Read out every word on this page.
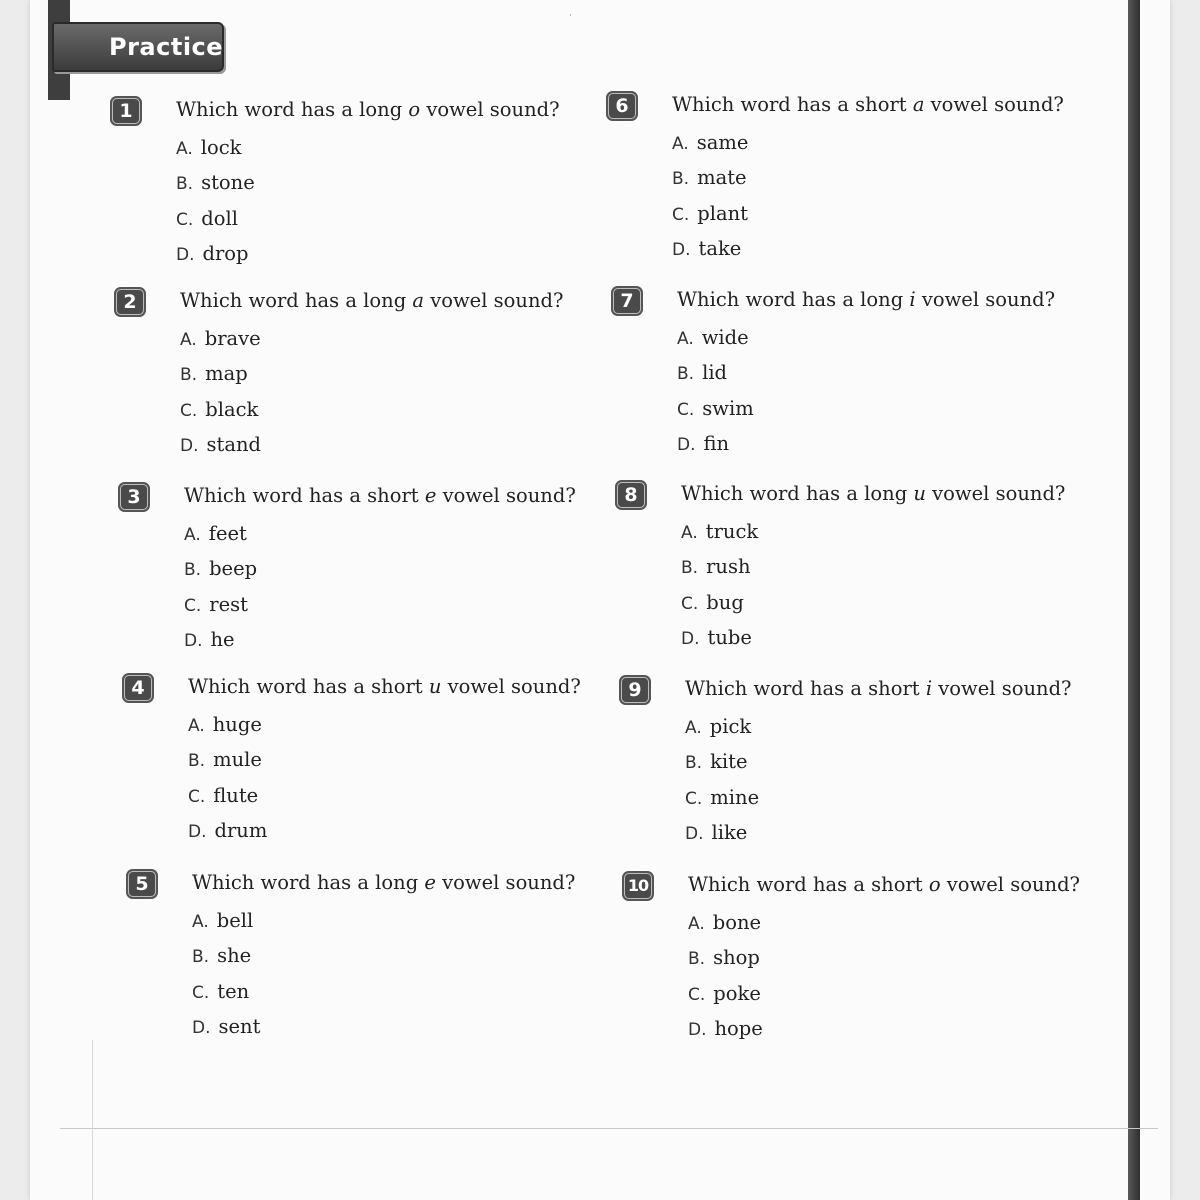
Practice
˙
1	Which word has a long o vowel sound?
A. lock
B. stone
C. doll
D. drop
2	Which word has a long a vowel sound?
A. brave
B. map
C. black
D. stand
3	Which word has a short e vowel sound?
A. feet
B. beep
C. rest
D. he
4	Which word has a short u vowel sound?
A. huge
B. mule
C. flute
D. drum
5	Which word has a long e vowel sound?
A. bell
B. she
C. ten
D. sent
6	Which word has a short a vowel sound?
A. same
B. mate
C. plant
D. take
7	Which word has a long i vowel sound?
A. wide
B. lid
C. swim
D. fin
8	Which word has a long u vowel sound?
A. truck
B. rush
C. bug
D. tube
9	Which word has a short i vowel sound?
A. pick
B. kite
C. mine
D. like
10	Which word has a short o vowel sound?
A. bone
B. shop
C. poke
D. hope
